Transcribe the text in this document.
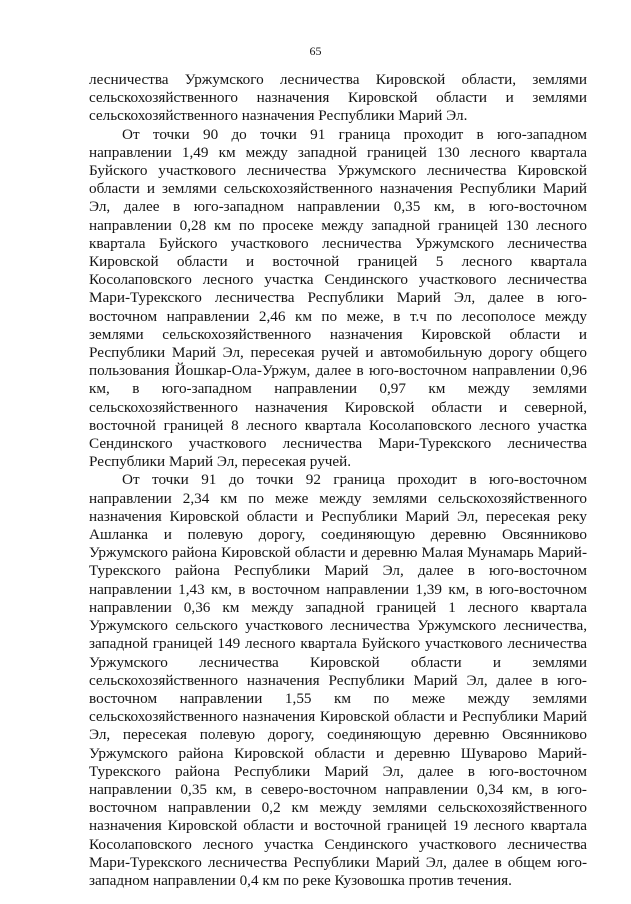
65

лесничества Уржумского лесничества Кировской области, землями сельскохозяйственного назначения Кировской области и землями сельскохозяйственного назначения Республики Марий Эл.

От точки 90 до точки 91 граница проходит в юго-западном направлении 1,49 км между западной границей 130 лесного квартала Буйского участкового лесничества Уржумского лесничества Кировской области и землями сельскохозяйственного назначения Республики Марий Эл, далее в юго-западном направлении 0,35 км, в юго-восточном направлении 0,28 км по просеке между западной границей 130 лесного квартала Буйского участкового лесничества Уржумского лесничества Кировской области и восточной границей 5 лесного квартала Косолаповского лесного участка Сендинского участкового лесничества Мари-Турекского лесничества Республики Марий Эл, далее в юго-восточном направлении 2,46 км по меже, в т.ч по лесополосе между землями сельскохозяйственного назначения Кировской области и Республики Марий Эл, пересекая ручей и автомобильную дорогу общего пользования Йошкар-Ола-Уржум, далее в юго-восточном направлении 0,96 км, в юго-западном направлении 0,97 км между землями сельскохозяйственного назначения Кировской области и северной, восточной границей 8 лесного квартала Косолаповского лесного участка Сендинского участкового лесничества Мари-Турекского лесничества Республики Марий Эл, пересекая ручей.

От точки 91 до точки 92 граница проходит в юго-восточном направлении 2,34 км по меже между землями сельскохозяйственного назначения Кировской области и Республики Марий Эл, пересекая реку Ашланка и полевую дорогу, соединяющую деревню Овсянниково Уржумского района Кировской области и деревню Малая Мунамарь Марий-Турекского района Республики Марий Эл, далее в юго-восточном направлении 1,43 км, в восточном направлении 1,39 км, в юго-восточном направлении 0,36 км между западной границей 1 лесного квартала Уржумского сельского участкового лесничества Уржумского лесничества, западной границей 149 лесного квартала Буйского участкового лесничества Уржумского лесничества Кировской области и землями сельскохозяйственного назначения Республики Марий Эл, далее в юго-восточном направлении 1,55 км по меже между землями сельскохозяйственного назначения Кировской области и Республики Марий Эл, пересекая полевую дорогу, соединяющую деревню Овсянниково Уржумского района Кировской области и деревню Шуварово Марий-Турекского района Республики Марий Эл, далее в юго-восточном направлении 0,35 км, в северо-восточном направлении 0,34 км, в юго-восточном направлении 0,2 км между землями сельскохозяйственного назначения Кировской области и восточной границей 19 лесного квартала Косолаповского лесного участка Сендинского участкового лесничества Мари-Турекского лесничества Республики Марий Эл, далее в общем юго-западном направлении 0,4 км по реке Кузовошка против течения.
